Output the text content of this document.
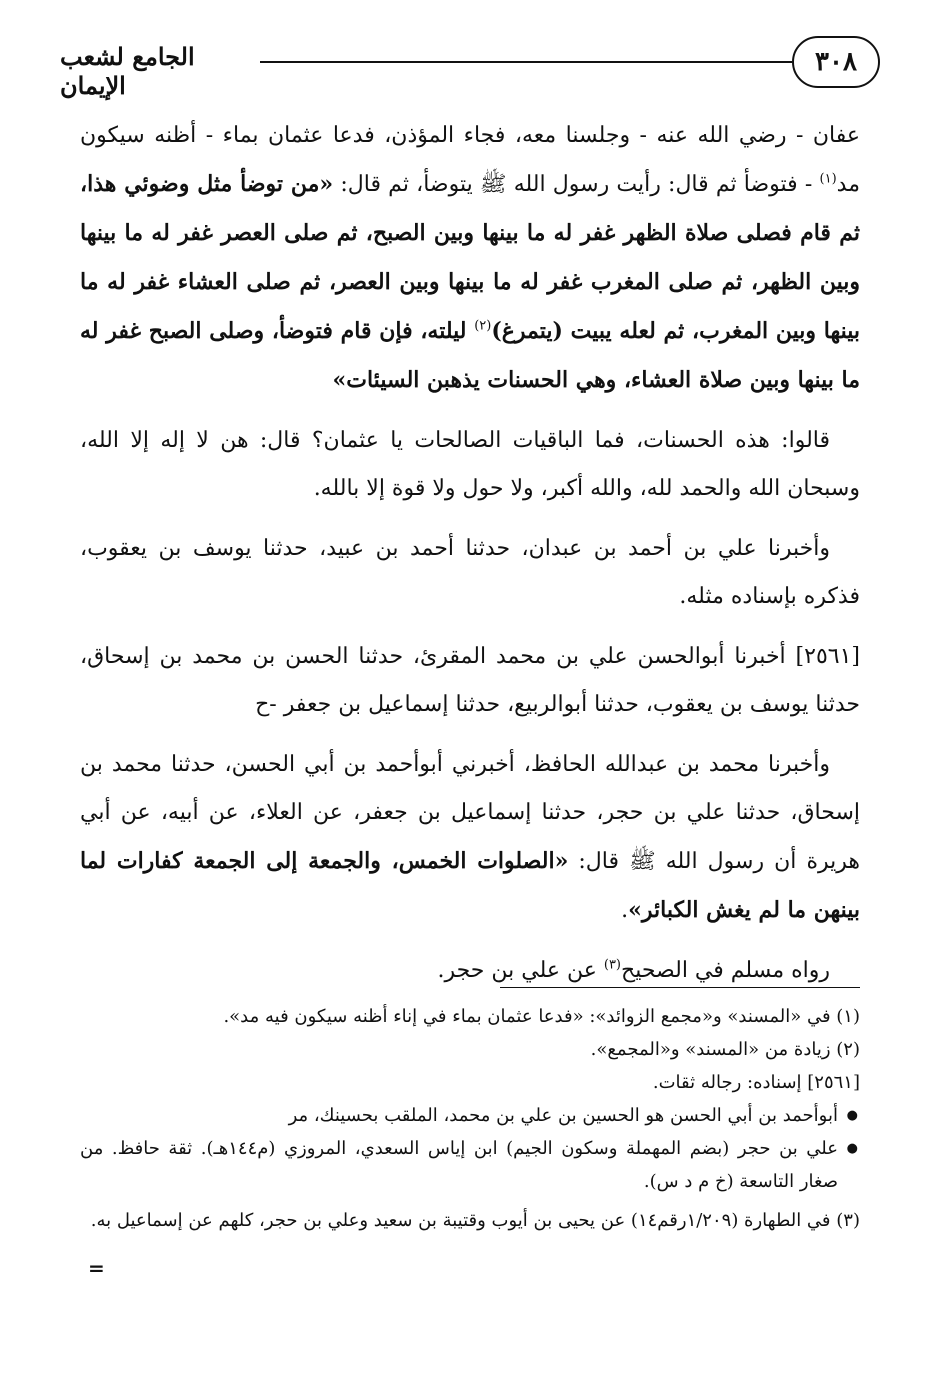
٣٠٨
الجامع لشعب الإيمان

عفان - رضي الله عنه - وجلسنا معه، فجاء المؤذن، فدعا عثمان بماء - أظنه سيكون مد$^{(١)}$ - فتوضأ ثم قال: رأيت رسول الله ﷺ يتوضأ، ثم قال: «من توضأ مثل وضوئي هذا، ثم قام فصلى صلاة الظهر غفر له ما بينها وبين الصبح، ثم صلى العصر غفر له ما بينها وبين الظهر، ثم صلى المغرب غفر له ما بينها وبين العصر، ثم صلى العشاء غفر له ما بينها وبين المغرب، ثم لعله يبيت (يتمرغ)$^{(٢)}$ ليلته، فإن قام فتوضأ، وصلى الصبح غفر له ما بينها وبين صلاة العشاء، وهي الحسنات يذهبن السيئات»

قالوا: هذه الحسنات، فما الباقيات الصالحات يا عثمان؟ قال: هن لا إله إلا الله، وسبحان الله والحمد لله، والله أكبر، ولا حول ولا قوة إلا بالله.

وأخبرنا علي بن أحمد بن عبدان، حدثنا أحمد بن عبيد، حدثنا يوسف بن يعقوب، فذكره بإسناده مثله.

[٢٥٦١] أخبرنا أبوالحسن علي بن محمد المقرئ، حدثنا الحسن بن محمد بن إسحاق، حدثنا يوسف بن يعقوب، حدثنا أبوالربيع، حدثنا إسماعيل بن جعفر -ح

وأخبرنا محمد بن عبدالله الحافظ، أخبرني أبوأحمد بن أبي الحسن، حدثنا محمد بن إسحاق، حدثنا علي بن حجر، حدثنا إسماعيل بن جعفر، عن العلاء، عن أبيه، عن أبي هريرة أن رسول الله ﷺ قال: «الصلوات الخمس، والجمعة إلى الجمعة كفارات لما بينهن ما لم يغش الكبائر».

رواه مسلم في الصحيح$^{(٣)}$ عن علي بن حجر.

(١) في «المسند» و«مجمع الزوائد»: «فدعا عثمان بماء في إناء أظنه سيكون فيه مد».

(٢) زيادة من «المسند» و«المجمع».

[٢٥٦١] إسناده: رجاله ثقات.

● أبوأحمد بن أبي الحسن هو الحسين بن علي بن محمد، الملقب بحسينك، مر
● علي بن حجر (بضم المهملة وسكون الجيم) ابن إياس السعدي، المروزي (م١٤٤هـ). ثقة حافظ. من صغار التاسعة (خ م د س).

(٣) في الطهارة (١/٢٠٩رقم١٤) عن يحيى بن أيوب وقتيبة بن سعيد وعلي بن حجر، كلهم عن إسماعيل به.

=
